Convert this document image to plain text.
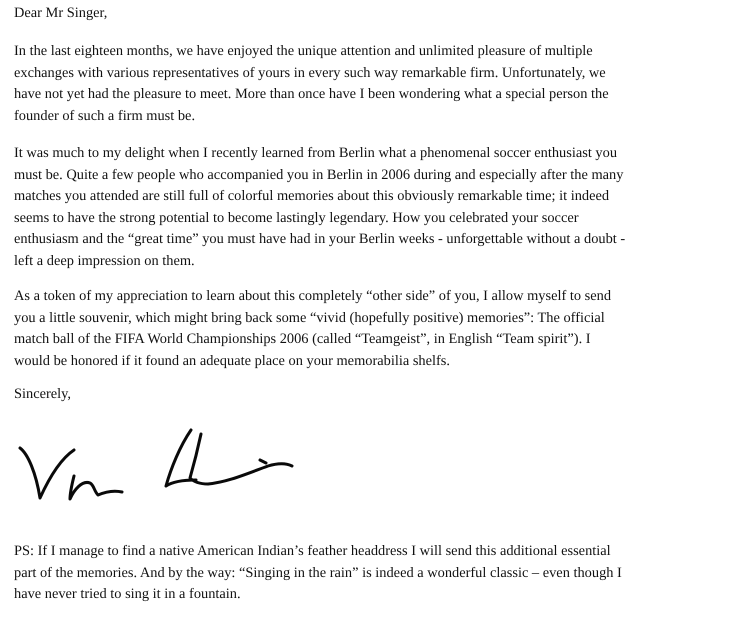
Dear Mr Singer,

In the last eighteen months, we have enjoyed the unique attention and unlimited pleasure of multiple
exchanges with various representatives of yours in every such way remarkable firm. Unfortunately, we
have not yet had the pleasure to meet. More than once have I been wondering what a special person the
founder of such a firm must be.

It was much to my delight when I recently learned from Berlin what a phenomenal soccer enthusiast you
must be. Quite a few people who accompanied you in Berlin in 2006 during and especially after the many
matches you attended are still full of colorful memories about this obviously remarkable time; it indeed
seems to have the strong potential to become lastingly legendary. How you celebrated your soccer
enthusiasm and the “great time” you must have had in your Berlin weeks - unforgettable without a doubt -
left a deep impression on them.

As a token of my appreciation to learn about this completely “other side” of you, I allow myself to send
you a little souvenir, which might bring back some “vivid (hopefully positive) memories”: The official
match ball of the FIFA World Championships 2006 (called “Teamgeist”, in English “Team spirit”). I
would be honored if it found an adequate place on your memorabilia shelfs.

Sincerely,

PS: If I manage to find a native American Indian’s feather headdress I will send this additional essential
part of the memories. And by the way: “Singing in the rain” is indeed a wonderful classic – even though I
have never tried to sing it in a fountain.
